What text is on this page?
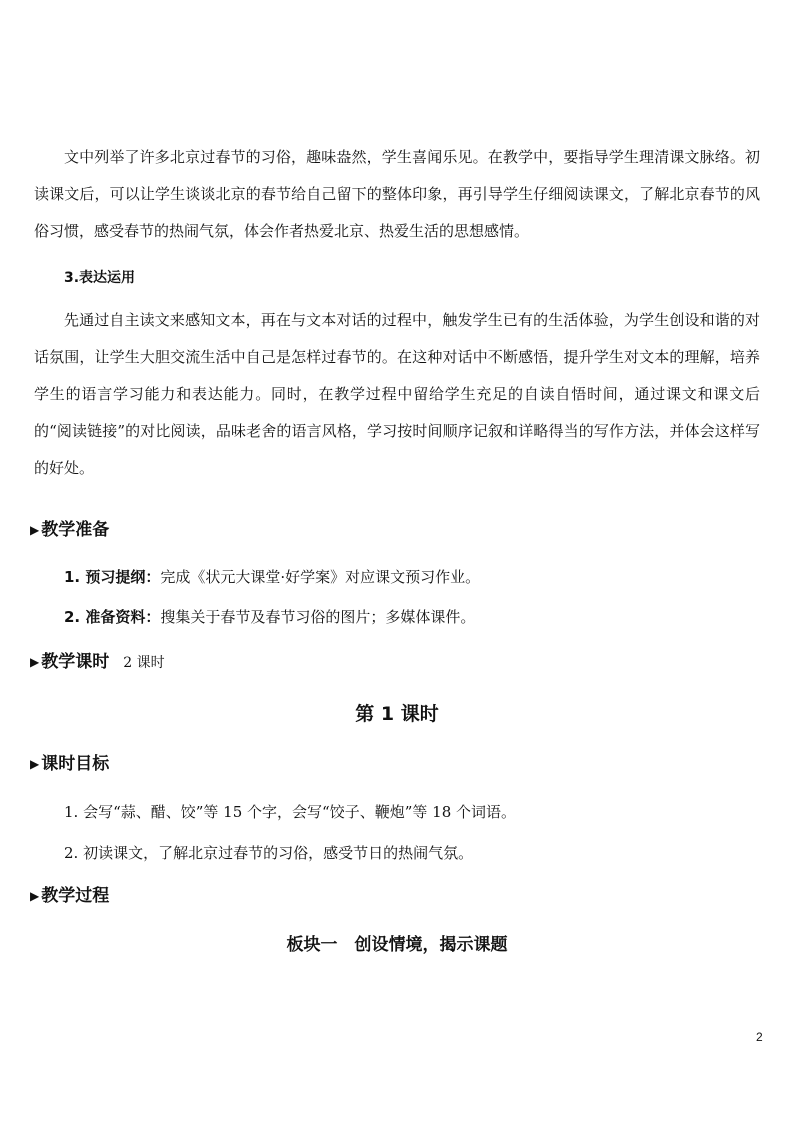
文中列举了许多北京过春节的习俗，趣味盎然，学生喜闻乐见。在教学中，要指导学生理清课文脉络。初读课文后，可以让学生谈谈北京的春节给自己留下的整体印象，再引导学生仔细阅读课文，了解北京春节的风俗习惯，感受春节的热闹气氛，体会作者热爱北京、热爱生活的思想感情。

3.表达运用

先通过自主读文来感知文本，再在与文本对话的过程中，触发学生已有的生活体验，为学生创设和谐的对话氛围，让学生大胆交流生活中自己是怎样过春节的。在这种对话中不断感悟，提升学生对文本的理解，培养学生的语言学习能力和表达能力。同时，在教学过程中留给学生充足的自读自悟时间，通过课文和课文后的“阅读链接”的对比阅读，品味老舍的语言风格，学习按时间顺序记叙和详略得当的写作方法，并体会这样写的好处。

▶ 教学准备

1. 预习提纲：完成《状元大课堂·好学案》对应课文预习作业。

2. 准备资料：搜集关于春节及春节习俗的图片；多媒体课件。

▶ 教学课时 2 课时

第 1 课时

▶ 课时目标

1. 会写“蒜、醋、饺”等 15 个字，会写“饺子、鞭炮”等 18 个词语。

2. 初读课文，了解北京过春节的习俗，感受节日的热闹气氛。

▶ 教学过程

板块一　创设情境，揭示课题

2
